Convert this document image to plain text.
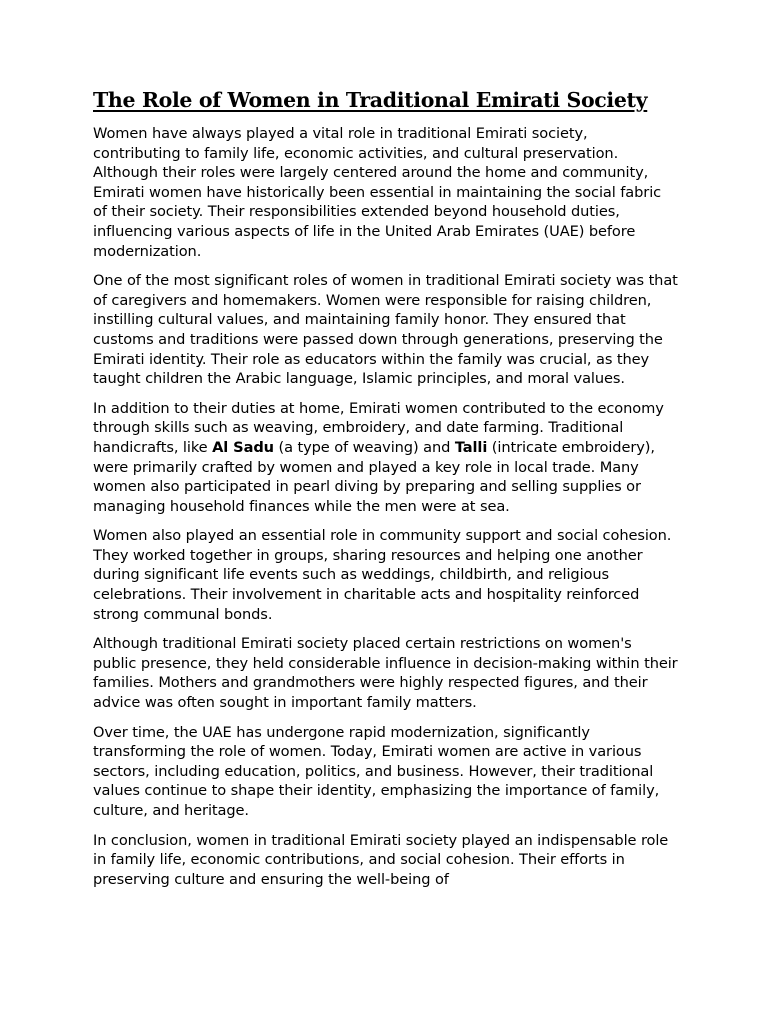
The Role of Women in Traditional Emirati Society

Women have always played a vital role in traditional Emirati society, contributing to family life, economic activities, and cultural preservation. Although their roles were largely centered around the home and community, Emirati women have historically been essential in maintaining the social fabric of their society. Their responsibilities extended beyond household duties, influencing various aspects of life in the United Arab Emirates (UAE) before modernization.

One of the most significant roles of women in traditional Emirati society was that of caregivers and homemakers. Women were responsible for raising children, instilling cultural values, and maintaining family honor. They ensured that customs and traditions were passed down through generations, preserving the Emirati identity. Their role as educators within the family was crucial, as they taught children the Arabic language, Islamic principles, and moral values.

In addition to their duties at home, Emirati women contributed to the economy through skills such as weaving, embroidery, and date farming. Traditional handicrafts, like Al Sadu (a type of weaving) and Talli (intricate embroidery), were primarily crafted by women and played a key role in local trade. Many women also participated in pearl diving by preparing and selling supplies or managing household finances while the men were at sea.

Women also played an essential role in community support and social cohesion. They worked together in groups, sharing resources and helping one another during significant life events such as weddings, childbirth, and religious celebrations. Their involvement in charitable acts and hospitality reinforced strong communal bonds.

Although traditional Emirati society placed certain restrictions on women's public presence, they held considerable influence in decision-making within their families. Mothers and grandmothers were highly respected figures, and their advice was often sought in important family matters.

Over time, the UAE has undergone rapid modernization, significantly transforming the role of women. Today, Emirati women are active in various sectors, including education, politics, and business. However, their traditional values continue to shape their identity, emphasizing the importance of family, culture, and heritage.

In conclusion, women in traditional Emirati society played an indispensable role in family life, economic contributions, and social cohesion. Their efforts in preserving culture and ensuring the well-being of
